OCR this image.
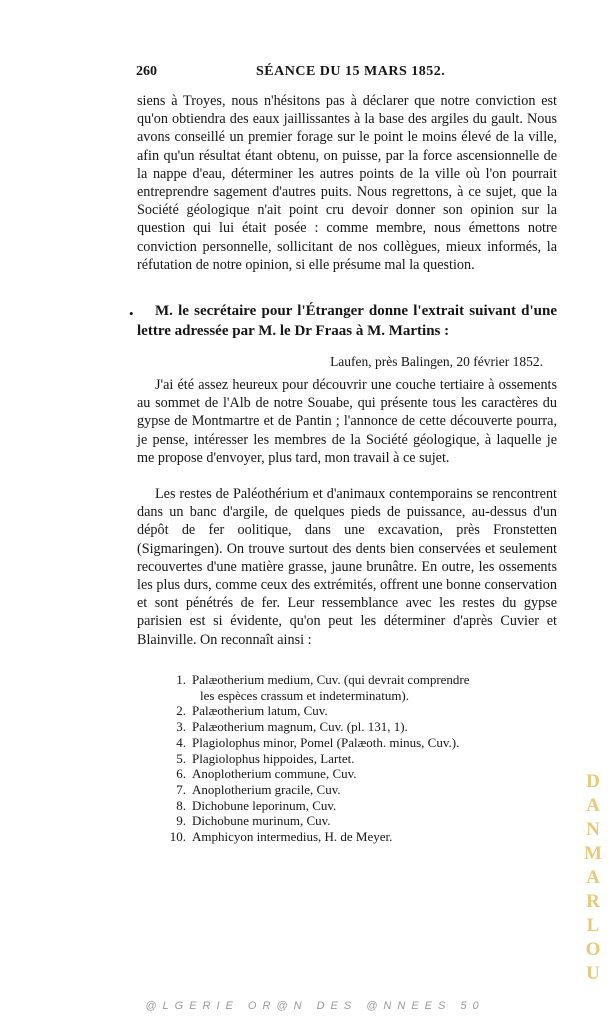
260	SÉANCE DU 15 MARS 1852.

siens à Troyes, nous n'hésitons pas à déclarer que notre conviction est qu'on obtiendra des eaux jaillissantes à la base des argiles du gault. Nous avons conseillé un premier forage sur le point le moins élevé de la ville, afin qu'un résultat étant obtenu, on puisse, par la force ascensionnelle de la nappe d'eau, déterminer les autres points de la ville où l'on pourrait entreprendre sagement d'autres puits. Nous regrettons, à ce sujet, que la Société géologique n'ait point cru devoir donner son opinion sur la question qui lui était posée : comme membre, nous émettons notre conviction personnelle, sollicitant de nos collègues, mieux informés, la réfutation de notre opinion, si elle présume mal la question.

•	M. le secrétaire pour l'Étranger donne l'extrait suivant d'une lettre adressée par M. le Dr Fraas à M. Martins :

Laufen, près Balingen, 20 février 1852.

J'ai été assez heureux pour découvrir une couche tertiaire à ossements au sommet de l'Alb de notre Souabe, qui présente tous les caractères du gypse de Montmartre et de Pantin ; l'annonce de cette découverte pourra, je pense, intéresser les membres de la Société géologique, à laquelle je me propose d'envoyer, plus tard, mon travail à ce sujet.

Les restes de Paléothérium et d'animaux contemporains se rencontrent dans un banc d'argile, de quelques pieds de puissance, au-dessus d'un dépôt de fer oolitique, dans une excavation, près Fronstetten (Sigmaringen). On trouve surtout des dents bien conservées et seulement recouvertes d'une matière grasse, jaune brunâtre. En outre, les ossements les plus durs, comme ceux des extrémités, offrent une bonne conservation et sont pénétrés de fer. Leur ressemblance avec les restes du gypse parisien est si évidente, qu'on peut les déterminer d'après Cuvier et Blainville. On reconnaît ainsi :

1. Palæotherium medium, Cuv. (qui devrait comprendre
les espèces crassum et indeterminatum).
2. Palæotherium latum, Cuv.
3. Palæotherium magnum, Cuv. (pl. 131, 1).
4. Plagiolophus minor, Pomel (Palæoth. minus, Cuv.).
5. Plagiolophus hippoides, Lartet.
6. Anoplotherium commune, Cuv.
7. Anoplotherium gracile, Cuv.
8. Dichobune leporinum, Cuv.
9. Dichobune murinum, Cuv.
10. Amphicyon intermedius, H. de Meyer.
DANMARLOU
@LGERIE OR@N DES @NNEES 50
